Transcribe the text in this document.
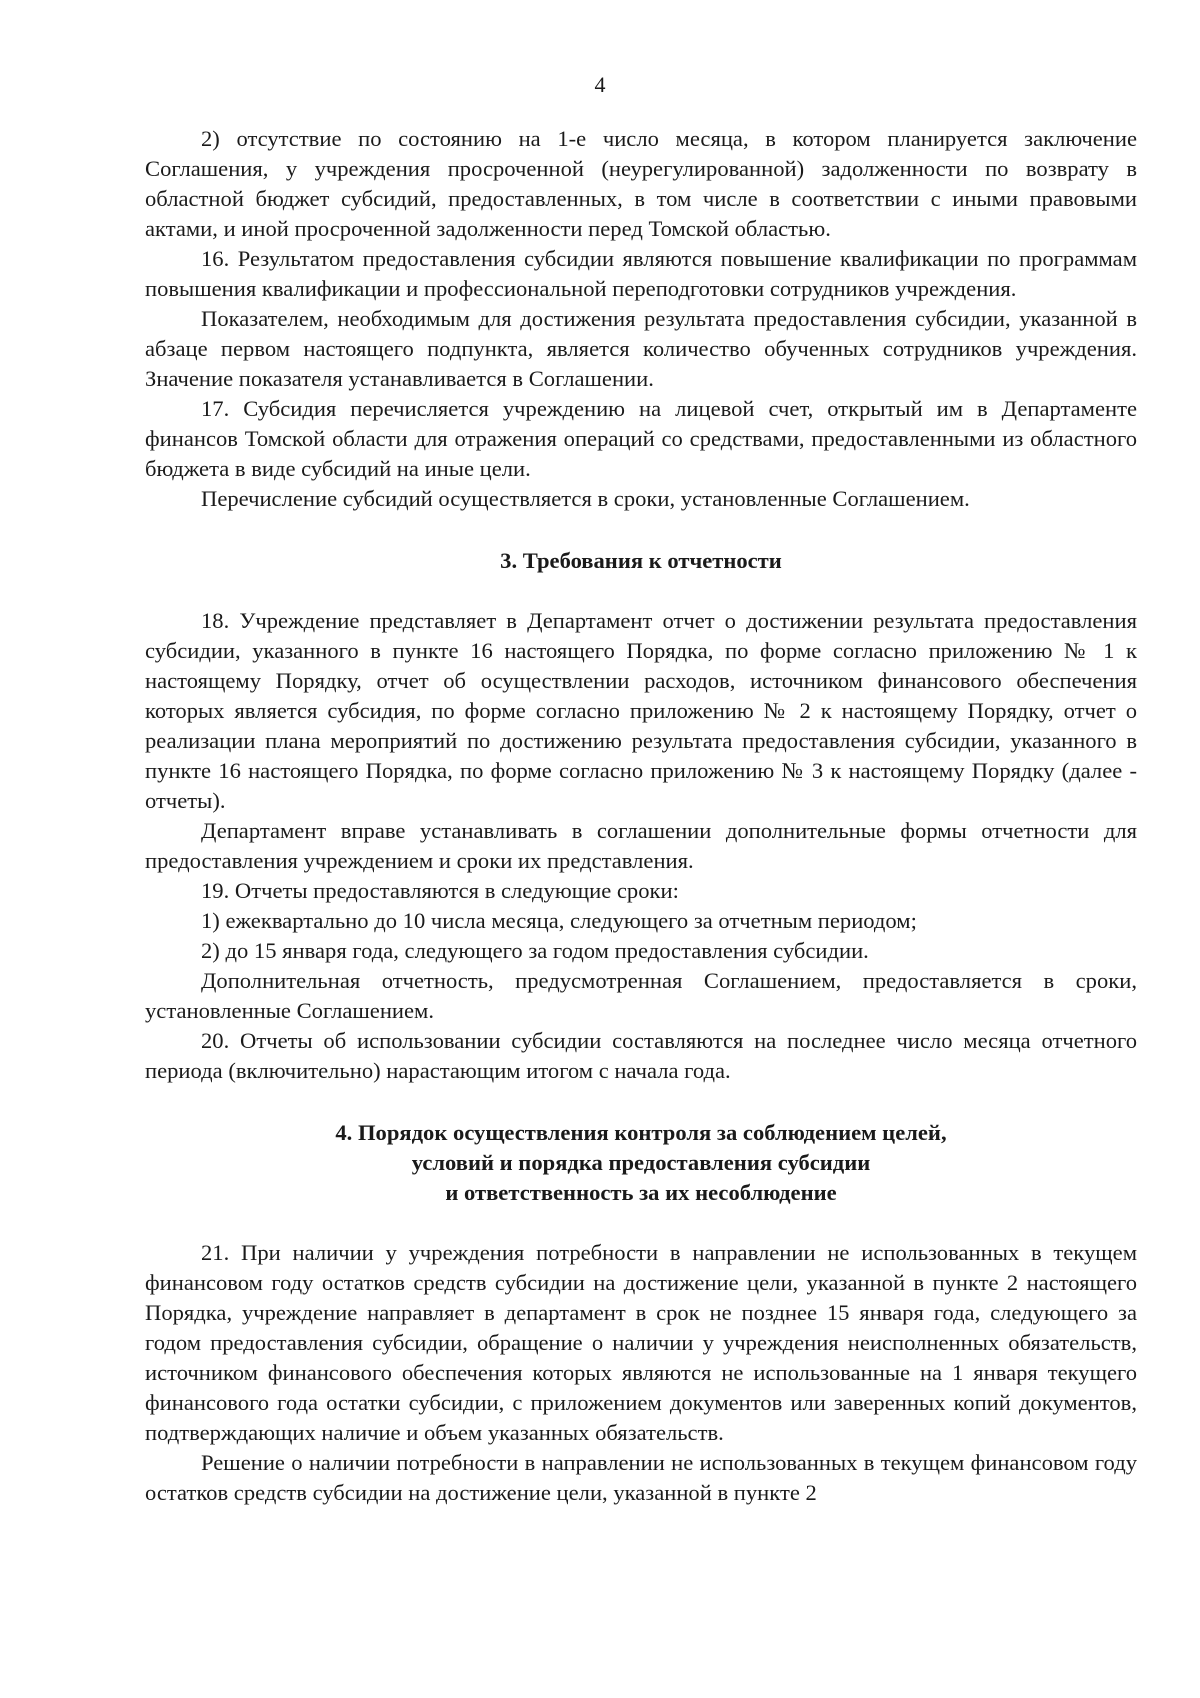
4

2) отсутствие по состоянию на 1-е число месяца, в котором планируется заключение Соглашения, у учреждения просроченной (неурегулированной) задолженности по возврату в областной бюджет субсидий, предоставленных, в том числе в соответствии с иными правовыми актами, и иной просроченной задолженности перед Томской областью.

16. Результатом предоставления субсидии являются повышение квалификации по программам повышения квалификации и профессиональной переподготовки сотрудников учреждения.

Показателем, необходимым для достижения результата предоставления субсидии, указанной в абзаце первом настоящего подпункта, является количество обученных сотрудников учреждения. Значение показателя устанавливается в Соглашении.

17. Субсидия перечисляется учреждению на лицевой счет, открытый им в Департаменте финансов Томской области для отражения операций со средствами, предоставленными из областного бюджета в виде субсидий на иные цели.

Перечисление субсидий осуществляется в сроки, установленные Соглашением.

3. Требования к отчетности

18. Учреждение представляет в Департамент отчет о достижении результата предоставления субсидии, указанного в пункте 16 настоящего Порядка, по форме согласно приложению № 1 к настоящему Порядку, отчет об осуществлении расходов, источником финансового обеспечения которых является субсидия, по форме согласно приложению № 2 к настоящему Порядку, отчет о реализации плана мероприятий по достижению результата предоставления субсидии, указанного в пункте 16 настоящего Порядка, по форме согласно приложению № 3 к настоящему Порядку (далее - отчеты).

Департамент вправе устанавливать в соглашении дополнительные формы отчетности для предоставления учреждением и сроки их представления.

19. Отчеты предоставляются в следующие сроки:

1) ежеквартально до 10 числа месяца, следующего за отчетным периодом;

2) до 15 января года, следующего за годом предоставления субсидии.

Дополнительная отчетность, предусмотренная Соглашением, предоставляется в сроки, установленные Соглашением.

20. Отчеты об использовании субсидии составляются на последнее число месяца отчетного периода (включительно) нарастающим итогом с начала года.

4. Порядок осуществления контроля за соблюдением целей,
условий и порядка предоставления субсидии
и ответственность за их несоблюдение

21. При наличии у учреждения потребности в направлении не использованных в текущем финансовом году остатков средств субсидии на достижение цели, указанной в пункте 2 настоящего Порядка, учреждение направляет в департамент в срок не позднее 15 января года, следующего за годом предоставления субсидии, обращение о наличии у учреждения неисполненных обязательств, источником финансового обеспечения которых являются не использованные на 1 января текущего финансового года остатки субсидии, с приложением документов или заверенных копий документов, подтверждающих наличие и объем указанных обязательств.

Решение о наличии потребности в направлении не использованных в текущем финансовом году остатков средств субсидии на достижение цели, указанной в пункте 2
